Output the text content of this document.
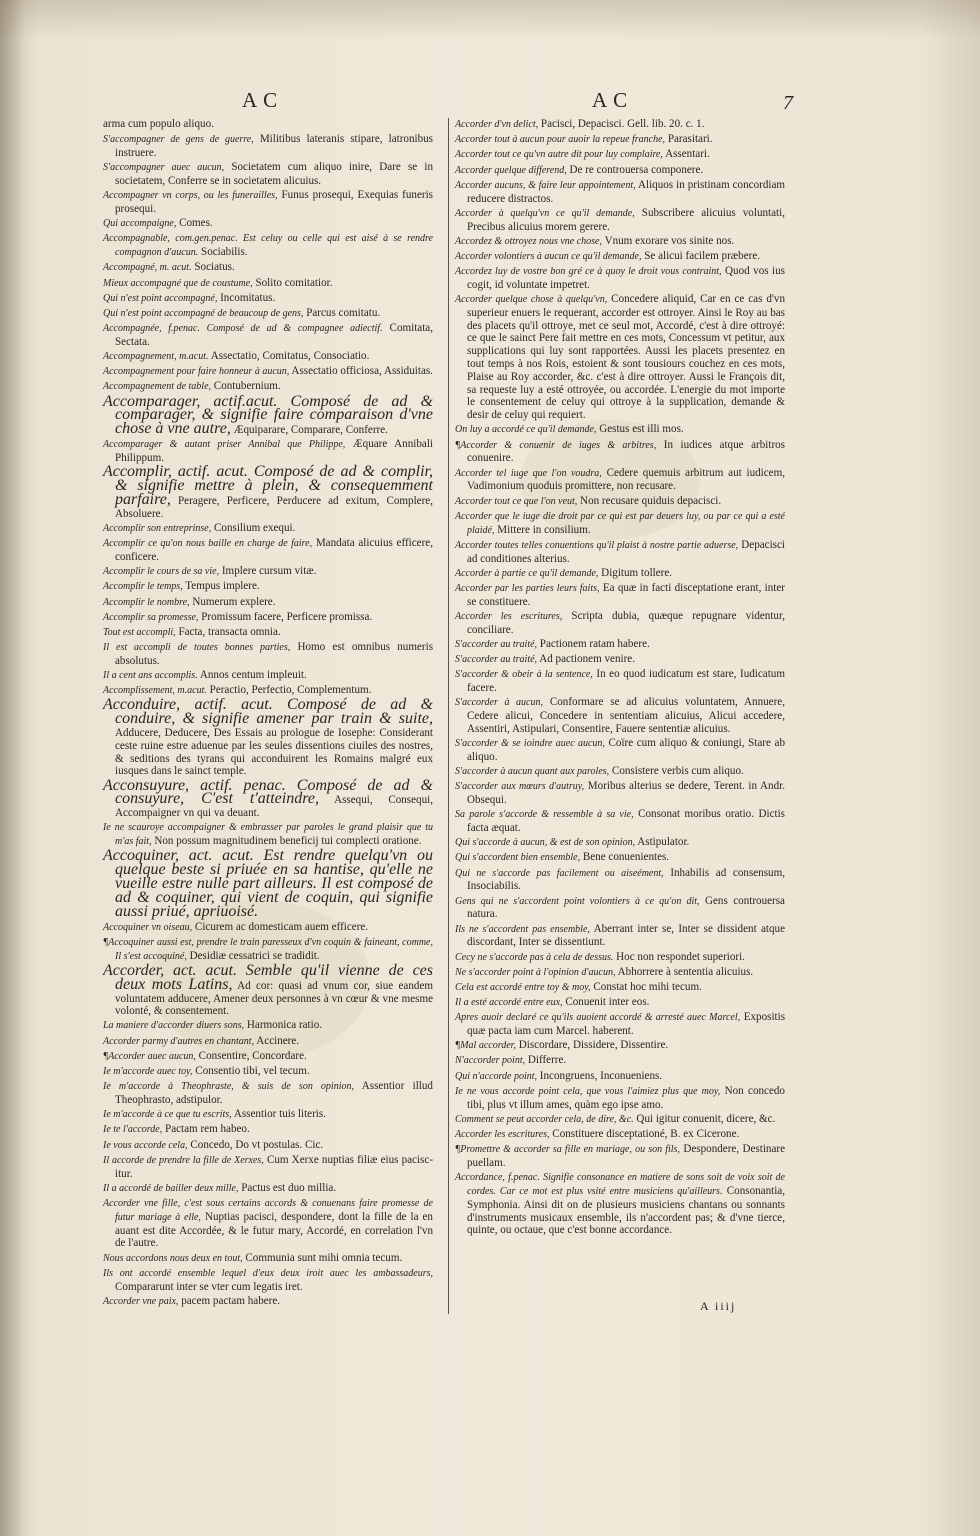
AC	AC	7
arma cum populo aliquo.
S'accompagner de gens de guerre, Militibus lateranis stipare, latronibus instruere.
S'accompagner auec aucun, Societatem cum aliquo inire, Dare se in societatem, Conferre se in societatem alicuius.
Accompagner vn corps, ou les funerailles, Funus prosequi, Exequias funeris prosequi.
Qui accompaigne, Comes.
Accompagnable, com.gen.penac. Est celuy ou celle qui est aisé à se rendre compagnon d'aucun. Sociabilis.
Accompagné, m. acut. Sociatus.
Mieux accompagné que de coustume, Solito comitatior.
Qui n'est point accompagné, Incomitatus.
Qui n'est point accompagné de beaucoup de gens, Parcus comitatu.
Accompagnée, f.penac. Composé de ad & compagnee adiectif. Comitata, Sectata.
Accompagnement, m.acut. Assectatio, Comitatus, Consociatio.
Accompagnement pour faire honneur à aucun, Assectatio officiosa, Assiduitas.
Accompagnement de table, Contubernium.
Accomparager, actif.acut. Composé de ad & comparager, & signifie faire comparaison d'vne chose à vne autre, Æquiparare, Comparare, Conferre.
Accomparager & autant priser Annibal que Philippe, Æquare Annibali Philippum.
Accomplir, actif. acut. Composé de ad & complir, & signifie mettre à plein, & consequemment parfaire, Peragere, Perficere, Perducere ad exitum, Complere, Absoluere.
Accomplir son entreprinse, Consilium exequi.
Accomplir ce qu'on nous baille en charge de faire, Mandata alicuius efficere, conficere.
Accomplir le cours de sa vie, Implere cursum vitæ.
Accomplir le temps, Tempus implere.
Accomplir le nombre, Numerum explere.
Accomplir sa promesse, Promissum facere, Perficere promissa.
Tout est accompli, Facta, transacta omnia.
Il est accompli de toutes bonnes parties, Homo est omnibus numeris absolutus.
Il a cent ans accomplis. Annos centum impleuit.
Accomplissement, m.acut. Peractio, Perfectio, Complementum.
Acconduire, actif. acut. Composé de ad & conduire, & signifie amener par train & suite, Adducere, Deducere, Des Essais au prologue de Iosephe: Considerant ceste ruine estre aduenue par les seules dissentions ciuiles des nostres, & seditions des tyrans qui acconduirent les Romains malgré eux iusques dans le sainct temple.
Acconsuyure, actif. penac. Composé de ad & consuyure, C'est t'atteindre, Assequi, Consequi, Accompaigner vn qui va deuant.
Ie ne scauroye accompaigner & embrasser par paroles le grand plaisir que tu m'as fait, Non possum magnitudinem beneficij tui complecti oratione.
Accoquiner, act. acut. Est rendre quelqu'vn ou quelque beste si priuée en sa hantise, qu'elle ne vueille estre nulle part ailleurs. Il est composé de ad & coquiner, qui vient de coquin, qui signifie aussi priué, apriuoisé.
Accoquiner vn oiseau, Cicurem ac domesticam auem efficere.
¶Accoquiner aussi est, prendre le train paresseux d'vn coquin & faineant, comme, Il s'est accoquiné, Desidiæ cessatrici se tradidit.
Accorder, act. acut. Semble qu'il vienne de ces deux mots Latins, Ad cor: quasi ad vnum cor, siue eandem voluntatem adducere, Amener deux personnes à vn cœur & vne mesme volonté, & consentement.
La maniere d'accorder diuers sons, Harmonica ratio.
Accorder parmy d'autres en chantant, Accinere.
¶Accorder auec aucun, Consentire, Concordare.
Ie m'accorde auec toy, Consentio tibi, vel tecum.
Ie m'accorde à Theophraste, & suis de son opinion, Assentior illud Theophrasto, adstipulor.
Ie m'accorde à ce que tu escrits, Assentior tuis literis.
Ie te l'accorde, Pactam rem habeo.
Ie vous accorde cela, Concedo, Do vt postulas. Cic.
Il accorde de prendre la fille de Xerxes, Cum Xerxe nuptias filiæ eius paciscitur.
Il a accordé de bailler deux mille, Pactus est duo millia.
Accorder vne fille, c'est sous certains accords & conuenans faire promesse de futur mariage à elle, Nuptias pacisci, despondere, dont la fille de la en auant est dite Accordée, & le futur mary, Accordé, en correlation l'vn de l'autre.
Nous accordons nous deux en tout, Communia sunt mihi omnia tecum.
Ils ont accordé ensemble lequel d'eux deux iroit auec les ambassadeurs, Compararunt inter se vter cum legatis iret.
Accorder vne paix, pacem pactam habere.
Accorder d'vn delict, Pacisci, Depacisci. Gell. lib. 20. c. 1.
Accorder tout à aucun pour auoir la repeue franche, Parasitari.
Accorder tout ce qu'vn autre dit pour luy complaire, Assentari.
Accorder quelque differend, De re controuersa componere.
Accorder aucuns, & faire leur appointement, Aliquos in pristinam concordiam reducere distractos.
Accorder à quelqu'vn ce qu'il demande, Subscribere alicuius voluntati, Precibus alicuius morem gerere.
Accordez & ottroyez nous vne chose, Vnum exorare vos sinite nos.
Accorder volontiers à aucun ce qu'il demande, Se alicui facilem præbere.
Accordez luy de vostre bon gré ce à quoy le droit vous contraint, Quod vos ius cogit, id voluntate impetret.
Accorder quelque chose à quelqu'vn, Concedere aliquid, Car en ce cas d'vn superieur enuers le requerant, accorder est ottroyer. Ainsi le Roy au bas des placets qu'il ottroye, met ce seul mot, Accordé, c'est à dire ottroyé: ce que le sainct Pere fait mettre en ces mots, Concessum vt petitur, aux supplications qui luy sont rapportées. Aussi les placets presentez en tout temps à nos Rois, estoient & sont tousiours couchez en ces mots, Plaise au Roy accorder, &c. c'est à dire ottroyer. Aussi le François dit, sa requeste luy a esté ottroyée, ou accordée. L'energie du mot importe le consentement de celuy qui ottroye à la supplication, demande & desir de celuy qui requiert.
On luy a accordé ce qu'il demande, Gestus est illi mos.
¶Accorder & conuenir de iuges & arbitres, In iudices atque arbitros conuenire.
Accorder tel iuge que l'on voudra, Cedere quemuis arbitrum aut iudicem, Vadimonium quoduis promittere, non recusare.
Accorder tout ce que l'on veut, Non recusare quiduis depacisci.
Accorder que le iuge die droit par ce qui est par deuers luy, ou par ce qui a esté plaidé, Mittere in consilium.
Accorder toutes telles conuentions qu'il plaist à nostre partie aduerse, Depacisci ad conditiones alterius.
Accorder à partie ce qu'il demande, Digitum tollere.
Accorder par les parties leurs faits, Ea quæ in facti disceptatione erant, inter se constituere.
Accorder les escritures, Scripta dubia, quæque repugnare videntur, conciliare.
S'accorder au traité, Pactionem ratam habere.
S'accorder au traité, Ad pactionem venire.
S'accorder & obeir à la sentence, In eo quod iudicatum est stare, Iudicatum facere.
S'accorder à aucun, Conformare se ad alicuius voluntatem, Annuere, Cedere alicui, Concedere in sententiam alicuius, Alicui accedere, Assentiri, Astipulari, Consentire, Fauere sententiæ alicuius.
S'accorder & se ioindre auec aucun, Coïre cum aliquo & coniungi, Stare ab aliquo.
S'accorder à aucun quant aux paroles, Consistere verbis cum aliquo.
S'accorder aux mœurs d'autruy, Moribus alterius se dedere, Terent. in Andr. Obsequi.
Sa parole s'accorde & ressemble à sa vie, Consonat moribus oratio. Dictis facta æquat.
Qui s'accorde à aucun, & est de son opinion, Astipulator.
Qui s'accordent bien ensemble, Bene conuenientes.
Qui ne s'accorde pas facilement ou aiseément, Inhabilis ad consensum, Insociabilis.
Gens qui ne s'accordent point volontiers à ce qu'on dit, Gens controuersa natura.
Ils ne s'accordent pas ensemble, Aberrant inter se, Inter se dissident atque discordant, Inter se dissentiunt.
Cecy ne s'accorde pas à cela de dessus. Hoc non respondet superiori.
Ne s'accorder point à l'opinion d'aucun, Abhorrere à sententia alicuius.
Cela est accordé entre toy & moy, Constat hoc mihi tecum.
Il a esté accordé entre eux, Conuenit inter eos.
Apres auoir declaré ce qu'ils auoient accordé & arresté auec Marcel, Expositis quæ pacta iam cum Marcel. haberent.
¶Mal accorder, Discordare, Dissidere, Dissentire.
N'accorder point, Differre.
Qui n'accorde point, Incongruens, Inconueniens.
Ie ne vous accorde point cela, que vous l'aimiez plus que moy, Non concedo tibi, plus vt illum ames, quàm ego ipse amo.
Comment se peut accorder cela, de dire, &c. Qui igitur conuenit, dicere, &c.
Accorder les escritures, Constituere disceptationé, B. ex Cicerone.
¶Promettre & accorder sa fille en mariage, ou son fils, Despondere, Destinare puellam.
Accordance, f.penac. Signifie consonance en matiere de sons soit de voix soit de cordes. Car ce mot est plus vsité entre musiciens qu'ailleurs. Consonantia, Symphonia. Ainsi dit on de plusieurs musiciens chantans ou sonnants d'instruments musicaux ensemble, ils n'accordent pas; & d'vne tierce, quinte, ou octaue, que c'est bonne accordance.
A iiij
